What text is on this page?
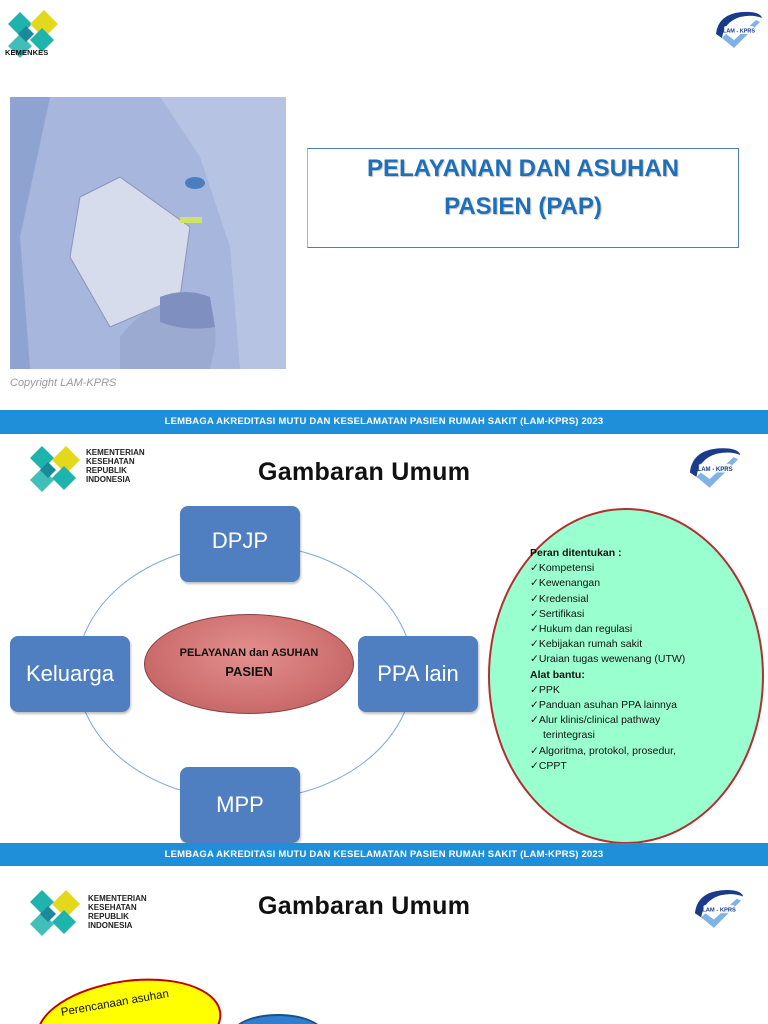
KEMENKES
LAM - KPRS
Copyright LAM-KPRS
PELAYANAN DAN ASUHAN
PASIEN (PAP)
LEMBAGA AKREDITASI MUTU DAN KESELAMATAN PASIEN RUMAH SAKIT (LAM-KPRS) 2023
KEMENTERIAN
KESEHATAN
REPUBLIK
INDONESIA	Gambaran Umum	LAM - KPRS
PELAYANAN dan ASUHAN
PASIEN
DPJP
Keluarga	PPA lain
MPP
Peran ditentukan :
✓ Kompetensi
✓ Kewenangan
✓ Kredensial
✓ Sertifikasi
✓ Hukum dan regulasi
✓ Kebijakan rumah sakit
✓ Uraian tugas wewenang (UTW)
Alat bantu:
✓ PPK
✓ Panduan asuhan PPA lainnya
✓ Alur klinis/clinical pathway
terintegrasi
✓ Algoritma, protokol, prosedur,
✓ CPPT
LEMBAGA AKREDITASI MUTU DAN KESELAMATAN PASIEN RUMAH SAKIT (LAM-KPRS) 2023
KEMENTERIAN
KESEHATAN
REPUBLIK
INDONESIA
Gambaran Umum	LAM - KPRS
Perencanaan asuhan
